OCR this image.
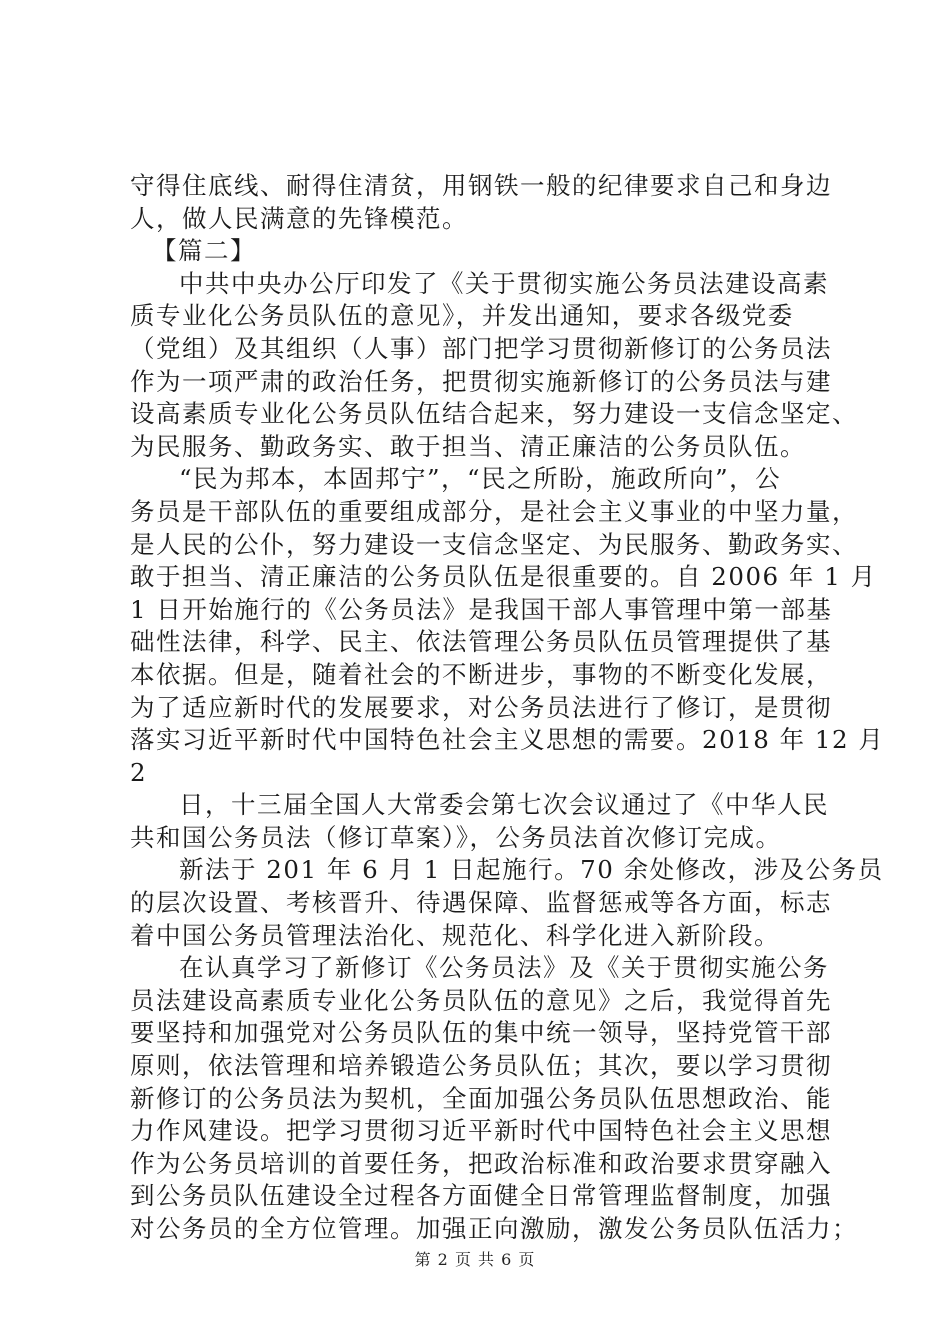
守得住底线、耐得住清贫，用钢铁一般的纪律要求自己和身边
人，做人民满意的先锋模范。
【篇二】
中共中央办公厅印发了《关于贯彻实施公务员法建设高素
质专业化公务员队伍的意见》，并发出通知，要求各级党委
（党组）及其组织（人事）部门把学习贯彻新修订的公务员法
作为一项严肃的政治任务，把贯彻实施新修订的公务员法与建
设高素质专业化公务员队伍结合起来，努力建设一支信念坚定、
为民服务、勤政务实、敢于担当、清正廉洁的公务员队伍。
“民为邦本，本固邦宁”，“民之所盼，施政所向”，公
务员是干部队伍的重要组成部分，是社会主义事业的中坚力量，
是人民的公仆，努力建设一支信念坚定、为民服务、勤政务实、
敢于担当、清正廉洁的公务员队伍是很重要的。自 2006 年 1 月
1 日开始施行的《公务员法》是我国干部人事管理中第一部基
础性法律，科学、民主、依法管理公务员队伍员管理提供了基
本依据。但是，随着社会的不断进步，事物的不断变化发展，
为了适应新时代的发展要求，对公务员法进行了修订，是贯彻
落实习近平新时代中国特色社会主义思想的需要。2018 年 12 月
2
日，十三届全国人大常委会第七次会议通过了《中华人民
共和国公务员法（修订草案）》，公务员法首次修订完成。
新法于 201 年 6 月 1 日起施行。70 余处修改，涉及公务员
的层次设置、考核晋升、待遇保障、监督惩戒等各方面，标志
着中国公务员管理法治化、规范化、科学化进入新阶段。
在认真学习了新修订《公务员法》及《关于贯彻实施公务
员法建设高素质专业化公务员队伍的意见》之后，我觉得首先
要坚持和加强党对公务员队伍的集中统一领导，坚持党管干部
原则，依法管理和培养锻造公务员队伍；其次，要以学习贯彻
新修订的公务员法为契机，全面加强公务员队伍思想政治、能
力作风建设。把学习贯彻习近平新时代中国特色社会主义思想
作为公务员培训的首要任务，把政治标准和政治要求贯穿融入
到公务员队伍建设全过程各方面健全日常管理监督制度，加强
对公务员的全方位管理。加强正向激励，激发公务员队伍活力；
第 2 页 共 6 页
